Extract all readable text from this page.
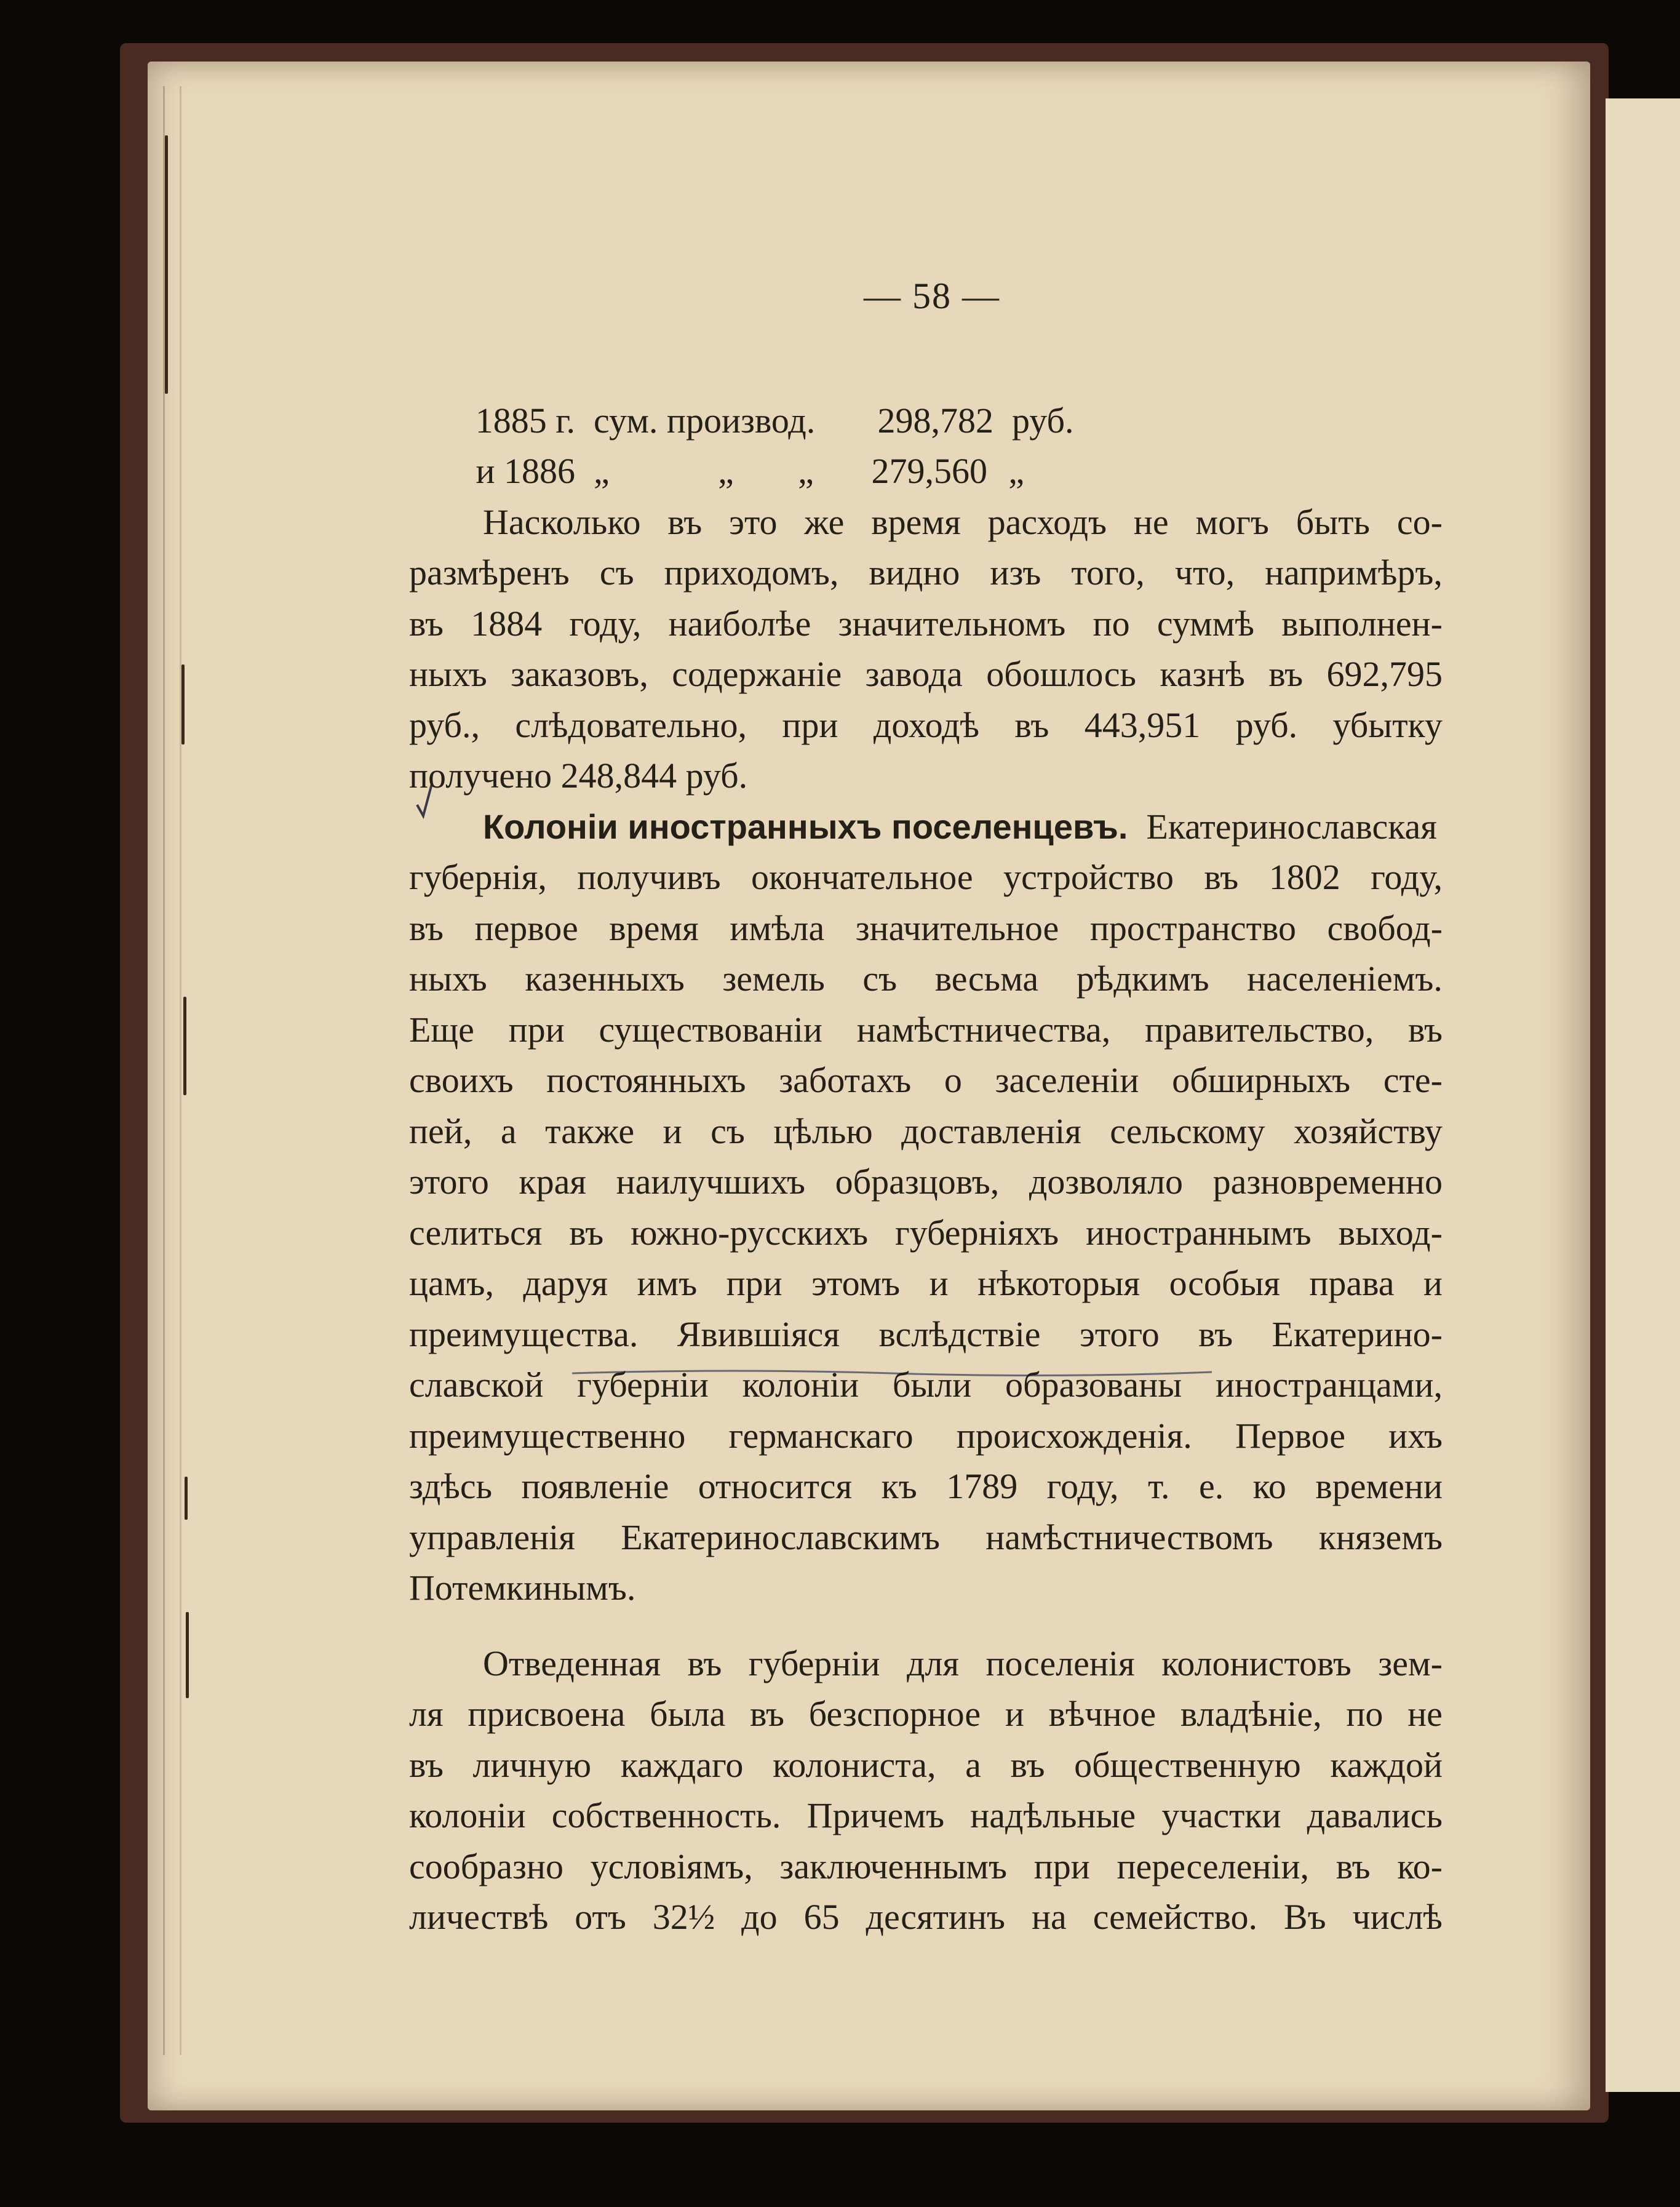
— 58 —
1885 г. сум. производ.	298,782 руб.
и 1886 „	„	„	279,560 „
Насколько въ это же время расходъ не могъ быть со-
размѣренъ съ приходомъ, видно изъ того, что, напримѣръ,
въ 1884 году, наиболѣе значительномъ по суммѣ выполнен-
ныхъ заказовъ, содержаніе завода обошлось казнѣ въ 692,795
руб., слѣдовательно, при доходѣ въ 443,951 руб. убытку
получено 248,844 руб.
Колоніи иностранныхъ поселенцевъ. Екатеринославская
губернія, получивъ окончательное устройство въ 1802 году,
въ первое время имѣла значительное пространство свобод-
ныхъ казенныхъ земель съ весьма рѣдкимъ населеніемъ.
Еще при существованіи намѣстничества, правительство, въ
своихъ постоянныхъ заботахъ о заселеніи обширныхъ сте-
пей, а также и съ цѣлью доставленія сельскому хозяйству
этого края наилучшихъ образцовъ, дозволяло разновременно
селиться въ южно-русскихъ губерніяхъ иностраннымъ выход-
цамъ, даруя имъ при этомъ и нѣкоторыя особыя права и
преимущества. Явившіяся вслѣдствіе этого въ Екатерино-
славской губерніи колоніи были образованы иностранцами,
преимущественно германскаго происхожденія. Первое ихъ
здѣсь появленіе относится къ 1789 году, т. е. ко времени
управленія Екатеринославскимъ намѣстничествомъ княземъ
Потемкинымъ.
Отведенная въ губерніи для поселенія колонистовъ зем-
ля присвоена была въ безспорное и вѣчное владѣніе, по не
въ личную каждаго колониста, а въ общественную каждой
колоніи собственность. Причемъ надѣльные участки давались
сообразно условіямъ, заключеннымъ при переселеніи, въ ко-
личествѣ отъ 32½ до 65 десятинъ на семейство. Въ числѣ
